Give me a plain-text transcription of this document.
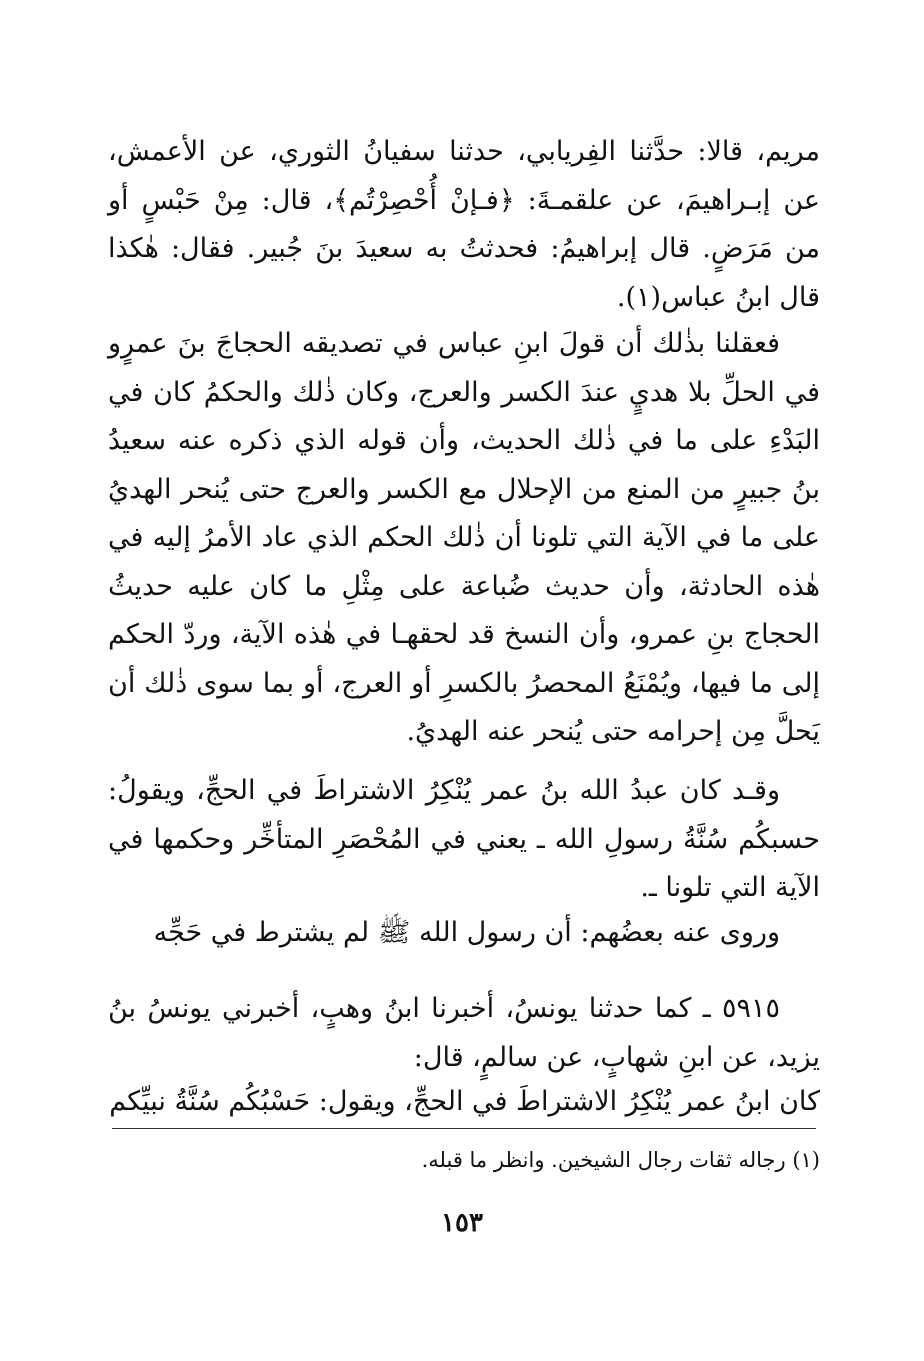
مريم، قالا: حدَّثنا الفِريابي، حدثنا سفيانُ الثوري، عن الأعمش، عن إبـراهيمَ، عن علقمـةَ: ﴿فـإنْ أُحْصِرْتُم﴾، قال: مِنْ حَبْسٍ أو من مَرَضٍ. قال إبراهيمُ: فحدثتُ به سعيدَ بنَ جُبير. فقال: هٰكذا قال ابنُ عباس(١).
فعقلنا بذٰلك أن قولَ ابنِ عباس في تصديقه الحجاجَ بنَ عمرٍو في الحلِّ بلا هديٍ عندَ الكسر والعرج، وكان ذٰلك والحكمُ كان في البَدْءِ على ما في ذٰلك الحديث، وأن قوله الذي ذكره عنه سعيدُ بنُ جبيرٍ من المنع من الإحلال مع الكسر والعرج حتى يُنحر الهديُ على ما في الآية التي تلونا أن ذٰلك الحكم الذي عاد الأمرُ إليه في هٰذه الحادثة، وأن حديث ضُباعة على مِثْلِ ما كان عليه حديثُ الحجاج بنِ عمرو، وأن النسخ قد لحقهـا في هٰذه الآية، وردّ الحكم إلى ما فيها، ويُمْنَعُ المحصرُ بالكسرِ أو العرج، أو بما سوى ذٰلك أن يَحلَّ مِن إحرامه حتى يُنحر عنه الهديُ.
وقـد كان عبدُ الله بنُ عمر يُنْكِرُ الاشتراطَ في الحجِّ، ويقولُ: حسبكُم سُنَّةُ رسولِ الله ـ يعني في المُحْصَرِ المتأخِّر وحكمها في الآية التي تلونا ـ.
وروى عنه بعضُهم: أن رسول الله ﷺ لم يشترط في حَجِّه
٥٩١٥ ـ كما حدثنا يونسُ، أخبرنا ابنُ وهبٍ، أخبرني يونسُ بنُ يزيد، عن ابنِ شهابٍ، عن سالمٍ، قال:
كان ابنُ عمر يُنْكِرُ الاشتراطَ في الحجِّ، ويقول: حَسْبُكُم سُنَّةُ نبيِّكم
(١) رجاله ثقات رجال الشيخين. وانظر ما قبله.
١٥٣
